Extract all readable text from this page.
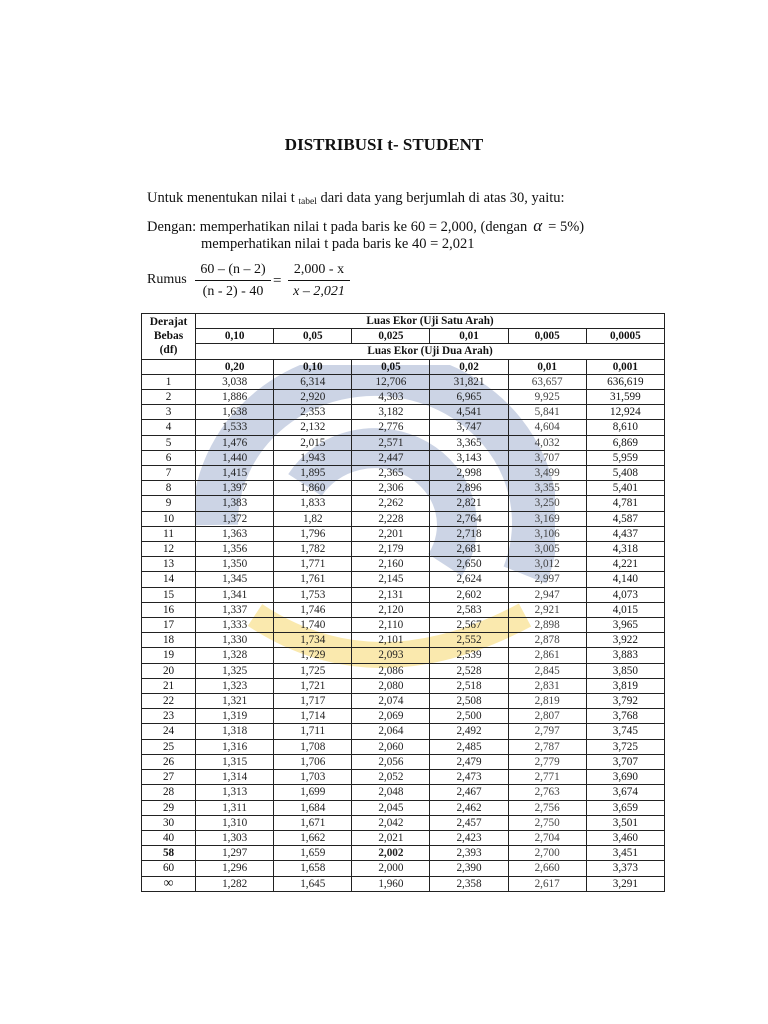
DISTRIBUSI t- STUDENT
Untuk menentukan nilai t $_{tabel}$ dari data yang berjumlah di atas 30, yaitu:
Dengan: memperhatikan nilai t pada baris ke 60 = 2,000, (dengan α = 5%)
memperhatikan nilai t pada baris ke 40 = 2,021
Rumus $\frac{60 - (n - 2)}{(n - 2) - 40} = \frac{2,000 - x}{x - 2,021}$
Derajat
Bebas
(df)	Luas Ekor (Uji Satu Arah)					
	0,10	0,05	0,025	0,01	0,005	0,0005
	Luas Ekor (Uji Dua Arah)					
	0,20	0,10	0,05	0,02	0,01	0,001
1	3,038	6,314	12,706	31,821	63,657	636,619
2	1,886	2,920	4,303	6,965	9,925	31,599
3	1,638	2,353	3,182	4,541	5,841	12,924
4	1,533	2,132	2,776	3,747	4,604	8,610
5	1,476	2,015	2,571	3,365	4,032	6,869
6	1,440	1,943	2,447	3,143	3,707	5,959
7	1,415	1,895	2,365	2,998	3,499	5,408
8	1,397	1,860	2,306	2,896	3,355	5,401
9	1,383	1,833	2,262	2,821	3,250	4,781
10	1,372	1,82	2,228	2,764	3,169	4,587
11	1,363	1,796	2,201	2,718	3,106	4,437
12	1,356	1,782	2,179	2,681	3,005	4,318
13	1,350	1,771	2,160	2,650	3,012	4,221
14	1,345	1,761	2,145	2,624	2,997	4,140
15	1,341	1,753	2,131	2,602	2,947	4,073
16	1,337	1,746	2,120	2,583	2,921	4,015
17	1,333	1,740	2,110	2,567	2,898	3,965
18	1,330	1,734	2,101	2,552	2,878	3,922
19	1,328	1,729	2,093	2,539	2,861	3,883
20	1,325	1,725	2,086	2,528	2,845	3,850
21	1,323	1,721	2,080	2,518	2,831	3,819
22	1,321	1,717	2,074	2,508	2,819	3,792
23	1,319	1,714	2,069	2,500	2,807	3,768
24	1,318	1,711	2,064	2,492	2,797	3,745
25	1,316	1,708	2,060	2,485	2,787	3,725
26	1,315	1,706	2,056	2,479	2,779	3,707
27	1,314	1,703	2,052	2,473	2,771	3,690
28	1,313	1,699	2,048	2,467	2,763	3,674
29	1,311	1,684	2,045	2,462	2,756	3,659
30	1,310	1,671	2,042	2,457	2,750	3,501
40	1,303	1,662	2,021	2,423	2,704	3,460
58	1,297	1,659	2,002	2,393	2,700	3,451
60	1,296	1,658	2,000	2,390	2,660	3,373
∞	1,282	1,645	1,960	2,358	2,617	3,291
